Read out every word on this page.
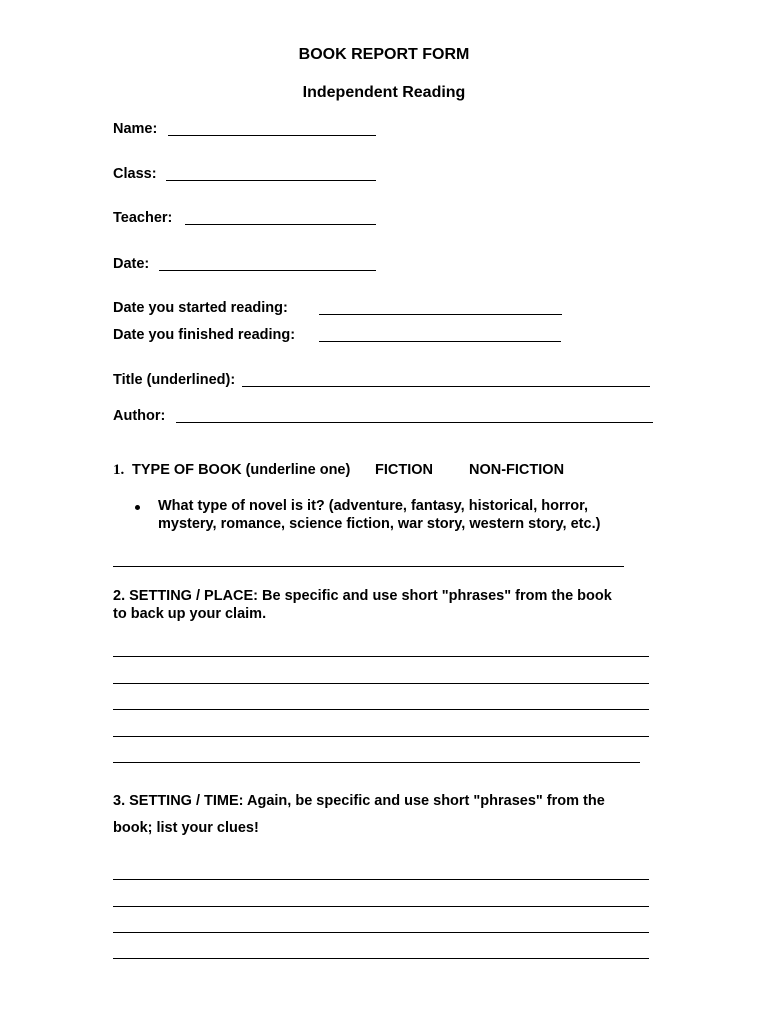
BOOK REPORT FORM
Independent Reading
Name:
Class:
Teacher:
Date:
Date you started reading:
Date you finished reading:
Title (underlined):
Author:
1. TYPE OF BOOK (underline one) FICTION NON-FICTION
What type of novel is it? (adventure, fantasy, historical, horror,
mystery, romance, science fiction, war story, western story, etc.)
2. SETTING / PLACE: Be specific and use short "phrases" from the book
to back up your claim.
3. SETTING / TIME: Again, be specific and use short "phrases" from the
book; list your clues!
